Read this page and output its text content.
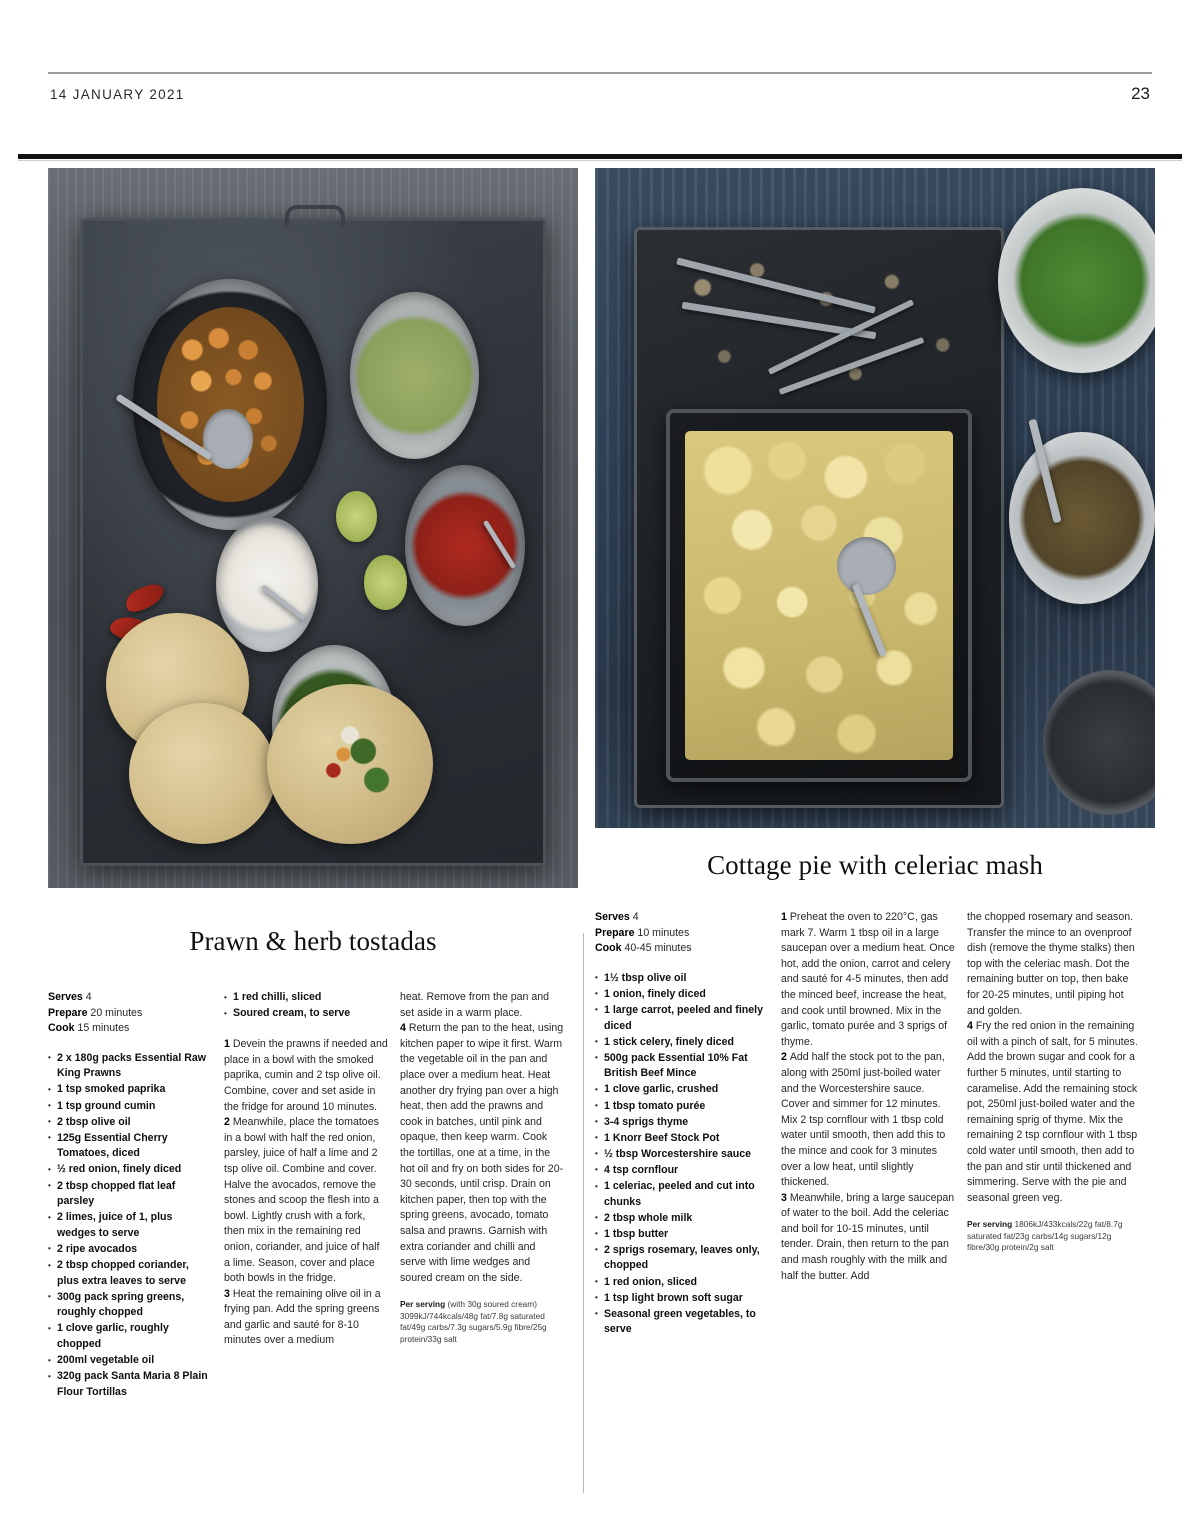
14 JANUARY 2021	23
Prawn & herb tostadas

Serves 4

Prepare 20 minutes

Cook 15 minutes

• 2 x 180g packs Essential Raw King Prawns
• 1 tsp smoked paprika
• 1 tsp ground cumin
• 2 tbsp olive oil
• 125g Essential Cherry Tomatoes, diced
• ½ red onion, finely diced
• 2 tbsp chopped flat leaf parsley
• 2 limes, juice of 1, plus wedges to serve
• 2 ripe avocados
• 2 tbsp chopped coriander, plus extra leaves to serve
• 300g pack spring greens, roughly chopped
• 1 clove garlic, roughly chopped
• 200ml vegetable oil
• 320g pack Santa Maria 8 Plain Flour Tortillas
• 1 red chilli, sliced
• Soured cream, to serve

1 Devein the prawns if needed and place in a bowl with the smoked paprika, cumin and 2 tsp olive oil. Combine, cover and set aside in the fridge for around 10 minutes.

2 Meanwhile, place the tomatoes in a bowl with half the red onion, parsley, juice of half a lime and 2 tsp olive oil. Combine and cover. Halve the avocados, remove the stones and scoop the flesh into a bowl. Lightly crush with a fork, then mix in the remaining red onion, coriander, and juice of half a lime. Season, cover and place both bowls in the fridge.

3 Heat the remaining olive oil in a frying pan. Add the spring greens and garlic and sauté for 8-10 minutes over a medium

heat. Remove from the pan and set aside in a warm place.

4 Return the pan to the heat, using kitchen paper to wipe it first. Warm the vegetable oil in the pan and place over a medium heat. Heat another dry frying pan over a high heat, then add the prawns and cook in batches, until pink and opaque, then keep warm. Cook the tortillas, one at a time, in the hot oil and fry on both sides for 20-30 seconds, until crisp. Drain on kitchen paper, then top with the spring greens, avocado, tomato salsa and prawns. Garnish with extra coriander and chilli and serve with lime wedges and soured cream on the side.

Per serving (with 30g soured cream) 3099kJ/744kcals/48g fat/7.8g saturated fat/49g carbs/7.3g sugars/5.9g fibre/25g protein/33g salt

Cottage pie with celeriac mash

Serves 4

Prepare 10 minutes

Cook 40-45 minutes

• 1½ tbsp olive oil
• 1 onion, finely diced
• 1 large carrot, peeled and finely diced
• 1 stick celery, finely diced
• 500g pack Essential 10% Fat British Beef Mince
• 1 clove garlic, crushed
• 1 tbsp tomato purée
• 3-4 sprigs thyme
• 1 Knorr Beef Stock Pot
• ½ tbsp Worcestershire sauce
• 4 tsp cornflour
• 1 celeriac, peeled and cut into chunks
• 2 tbsp whole milk
• 1 tbsp butter
• 2 sprigs rosemary, leaves only, chopped
• 1 red onion, sliced
• 1 tsp light brown soft sugar
• Seasonal green vegetables, to serve

1 Preheat the oven to 220°C, gas mark 7. Warm 1 tbsp oil in a large saucepan over a medium heat. Once hot, add the onion, carrot and celery and sauté for 4-5 minutes, then add the minced beef, increase the heat, and cook until browned. Mix in the garlic, tomato purée and 3 sprigs of thyme.

2 Add half the stock pot to the pan, along with 250ml just-boiled water and the Worcestershire sauce. Cover and simmer for 12 minutes. Mix 2 tsp cornflour with 1 tbsp cold water until smooth, then add this to the mince and cook for 3 minutes over a low heat, until slightly thickened.

3 Meanwhile, bring a large saucepan of water to the boil. Add the celeriac and boil for 10-15 minutes, until tender. Drain, then return to the pan and mash roughly with the milk and half the butter. Add

the chopped rosemary and season. Transfer the mince to an ovenproof dish (remove the thyme stalks) then top with the celeriac mash. Dot the remaining butter on top, then bake for 20-25 minutes, until piping hot and golden.

4 Fry the red onion in the remaining oil with a pinch of salt, for 5 minutes. Add the brown sugar and cook for a further 5 minutes, until starting to caramelise. Add the remaining stock pot, 250ml just-boiled water and the remaining sprig of thyme. Mix the remaining 2 tsp cornflour with 1 tbsp cold water until smooth, then add to the pan and stir until thickened and simmering. Serve with the pie and seasonal green veg.

Per serving 1806kJ/433kcals/22g fat/8.7g saturated fat/23g carbs/14g sugars/12g fibre/30g protein/2g salt
